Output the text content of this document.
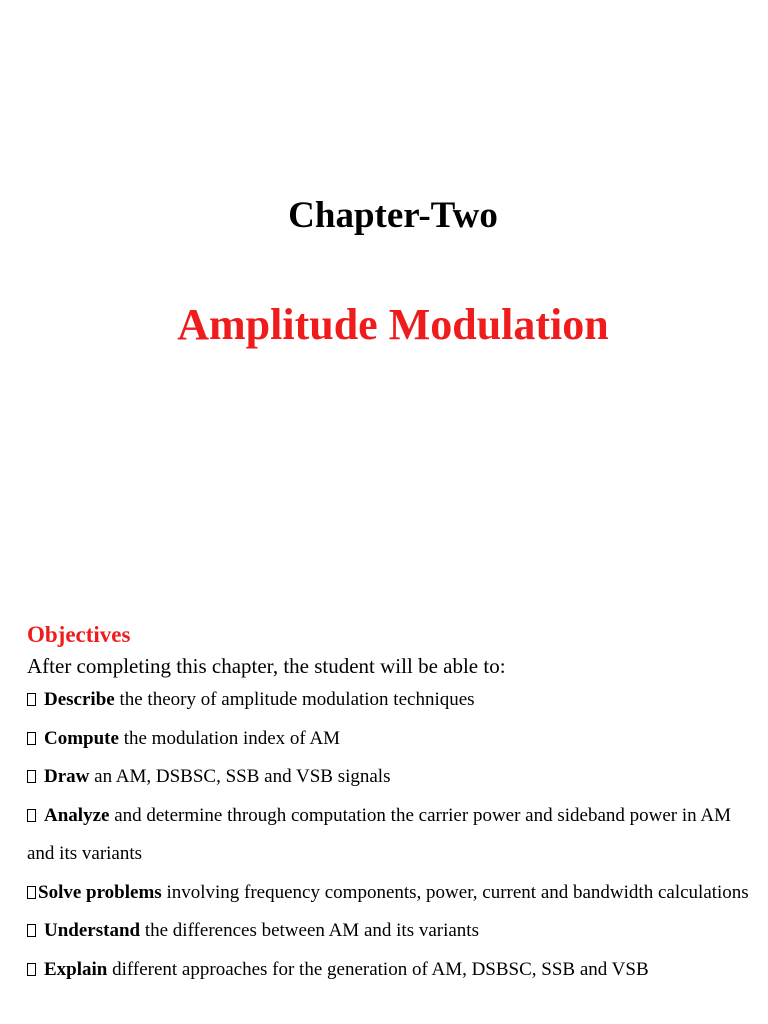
Chapter-Two
Amplitude Modulation
Objectives

After completing this chapter, the student will be able to:

Describe the theory of amplitude modulation techniques
Compute the modulation index of AM
Draw an AM, DSBSC, SSB and VSB signals
Analyze and determine through computation the carrier power and sideband power in AM and its variants
Solve problems involving frequency components, power, current and bandwidth calculations
Understand the differences between AM and its variants
Explain different approaches for the generation of AM, DSBSC, SSB and VSB
